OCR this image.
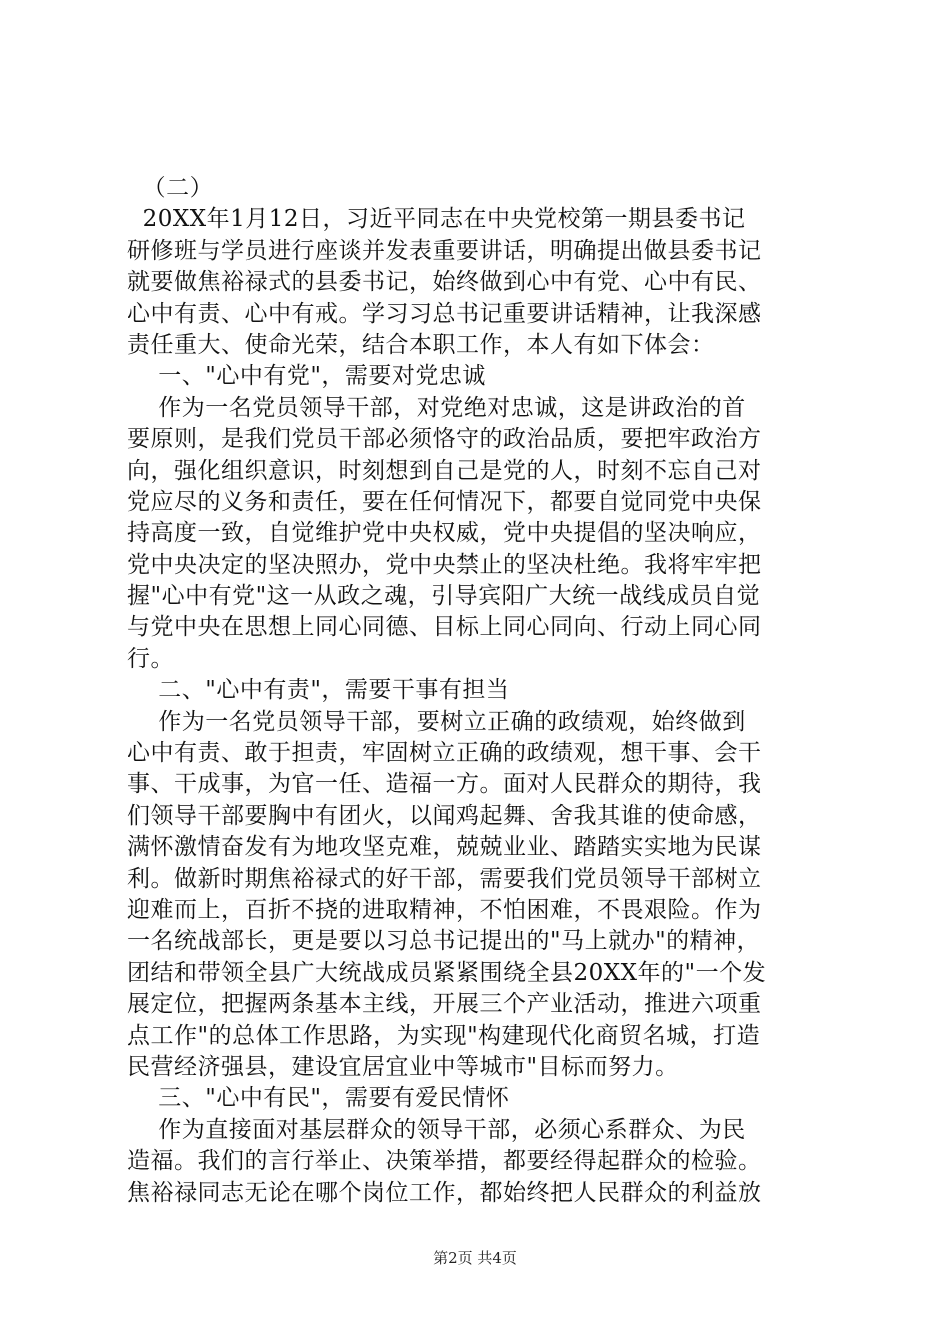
（二）
20XX年1月12日，习近平同志在中央党校第一期县委书记
研修班与学员进行座谈并发表重要讲话，明确提出做县委书记
就要做焦裕禄式的县委书记，始终做到心中有党、心中有民、
心中有责、心中有戒。学习习总书记重要讲话精神，让我深感
责任重大、使命光荣，结合本职工作，本人有如下体会：
一、"心中有党"，需要对党忠诚
作为一名党员领导干部，对党绝对忠诚，这是讲政治的首
要原则，是我们党员干部必须恪守的政治品质，要把牢政治方
向，强化组织意识，时刻想到自己是党的人，时刻不忘自己对
党应尽的义务和责任，要在任何情况下，都要自觉同党中央保
持高度一致，自觉维护党中央权威，党中央提倡的坚决响应，
党中央决定的坚决照办，党中央禁止的坚决杜绝。我将牢牢把
握"心中有党"这一从政之魂，引导宾阳广大统一战线成员自觉
与党中央在思想上同心同德、目标上同心同向、行动上同心同
行。
二、"心中有责"，需要干事有担当
作为一名党员领导干部，要树立正确的政绩观，始终做到
心中有责、敢于担责，牢固树立正确的政绩观，想干事、会干
事、干成事，为官一任、造福一方。面对人民群众的期待，我
们领导干部要胸中有团火，以闻鸡起舞、舍我其谁的使命感，
满怀激情奋发有为地攻坚克难，兢兢业业、踏踏实实地为民谋
利。做新时期焦裕禄式的好干部，需要我们党员领导干部树立
迎难而上，百折不挠的进取精神，不怕困难，不畏艰险。作为
一名统战部长，更是要以习总书记提出的"马上就办"的精神，
团结和带领全县广大统战成员紧紧围绕全县20XX年的"一个发
展定位，把握两条基本主线，开展三个产业活动，推进六项重
点工作"的总体工作思路，为实现"构建现代化商贸名城，打造
民营经济强县，建设宜居宜业中等城市"目标而努力。
三、"心中有民"，需要有爱民情怀
作为直接面对基层群众的领导干部，必须心系群众、为民
造福。我们的言行举止、决策举措，都要经得起群众的检验。
焦裕禄同志无论在哪个岗位工作，都始终把人民群众的利益放
第2页 共4页
